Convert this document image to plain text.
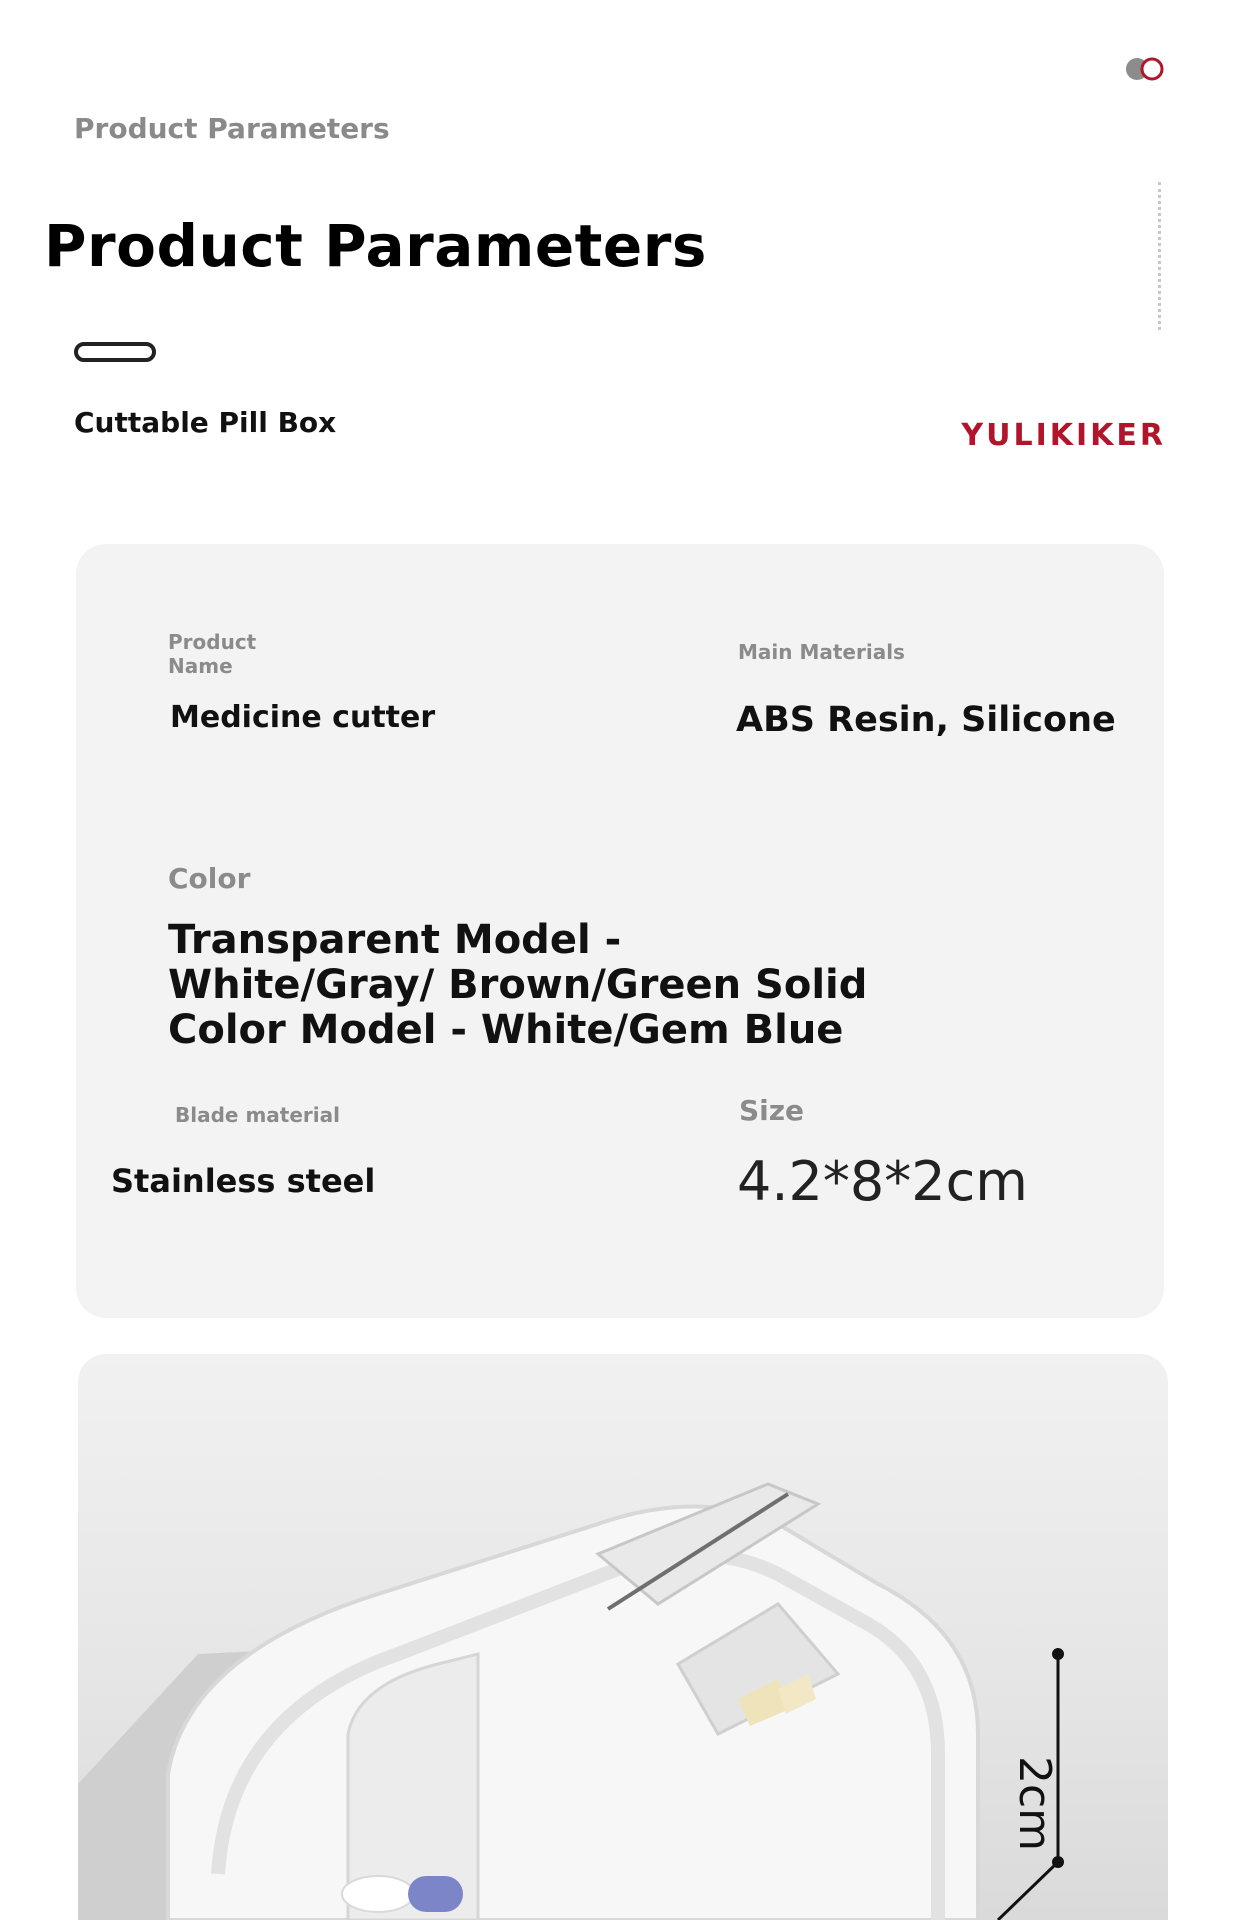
Product Parameters
Product Parameters
Cuttable Pill Box	YULIKIKER
Product Name
Medicine cutter
Main Materials
ABS Resin, Silicone
Color
Transparent Model - White/Gray/ Brown/Green Solid Color Model - White/Gem Blue
Blade material
Stainless steel
Size
4.2*8*2cm
2cm
